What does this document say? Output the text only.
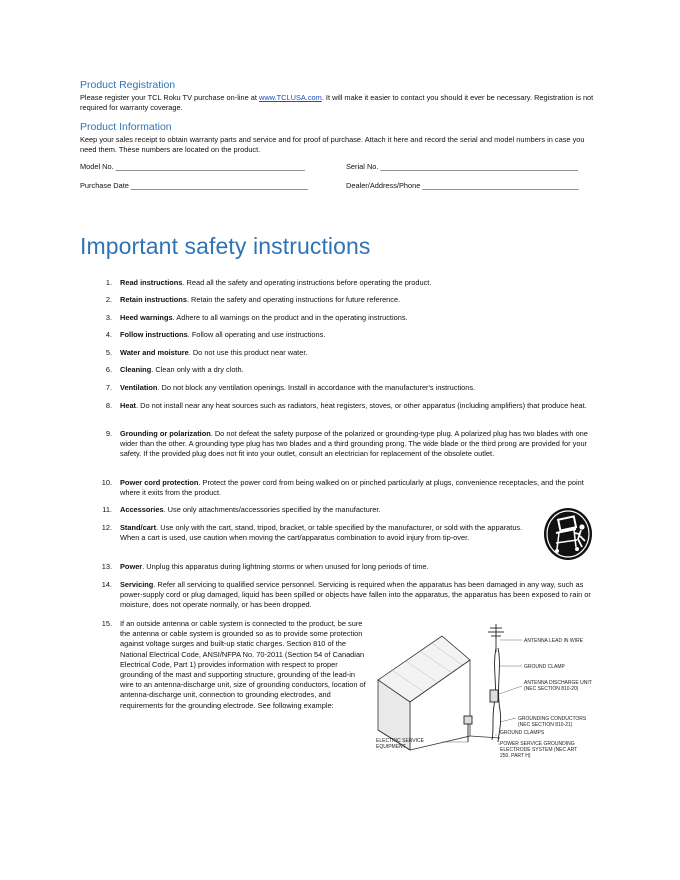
Product Registration

Please register your TCL Roku TV purchase on-line at www.TCLUSA.com. It will make it easier to contact you should it ever be necessary. Registration is not required for warranty coverage.

Product Information

Keep your sales receipt to obtain warranty parts and service and for proof of purchase. Attach it here and record the serial and model numbers in case you need them. These numbers are located on the product.

Model No. ______________________________________________	Serial No. ________________________________________________
Purchase Date ___________________________________________	Dealer/Address/Phone ______________________________________
Important safety instructions
1. Read instructions. Read all the safety and operating instructions before operating the product.
2. Retain instructions. Retain the safety and operating instructions for future reference.
3. Heed warnings. Adhere to all warnings on the product and in the operating instructions.
4. Follow instructions. Follow all operating and use instructions.
5. Water and moisture. Do not use this product near water.
6. Cleaning. Clean only with a dry cloth.
7. Ventilation. Do not block any ventilation openings. Install in accordance with the manufacturer's instructions.
8. Heat. Do not install near any heat sources such as radiators, heat registers, stoves, or other apparatus (including amplifiers) that produce heat.
9. Grounding or polarization. Do not defeat the safety purpose of the polarized or grounding-type plug. A polarized plug has two blades with one wider than the other. A grounding type plug has two blades and a third grounding prong. The wide blade or the third prong are provided for your safety. If the provided plug does not fit into your outlet, consult an electrician for replacement of the obsolete outlet.
10. Power cord protection. Protect the power cord from being walked on or pinched particularly at plugs, convenience receptacles, and the point where it exits from the product.
11. Accessories. Use only attachments/accessories specified by the manufacturer.
12. Stand/cart. Use only with the cart, stand, tripod, bracket, or table specified by the manufacturer, or sold with the apparatus. When a cart is used, use caution when moving the cart/apparatus combination to avoid injury from tip-over.
13. Power. Unplug this apparatus during lightning storms or when unused for long periods of time.
14. Servicing. Refer all servicing to qualified service personnel. Servicing is required when the apparatus has been damaged in any way, such as power-supply cord or plug damaged, liquid has been spilled or objects have fallen into the apparatus, the apparatus has been exposed to rain or moisture, does not operate normally, or has been dropped.
15. If an outside antenna or cable system is connected to the product, be sure the antenna or cable system is grounded so as to provide some protection against voltage surges and built-up static charges. Section 810 of the National Electrical Code, ANSI/NFPA No. 70-2011 (Section 54 of Canadian Electrical Code, Part 1) provides information with respect to proper grounding of the mast and supporting structure, grounding of the lead-in wire to an antenna-discharge unit, size of grounding conductors, location of antenna-discharge unit, connection to grounding electrodes, and requirements for the grounding electrode. See following example:
ANTENNA LEAD IN WIRE
GROUND CLAMP
ANTENNA DISCHARGE UNIT
(NEC SECTION 810-20)
GROUNDING CONDUCTORS
(NEC SECTION 810-21)
GROUND CLAMPS
ELECTRIC SERVICE
EQUIPMENT	POWER SERVICE GROUNDING
ELECTRODE SYSTEM (NEC ART
250, PART H)
